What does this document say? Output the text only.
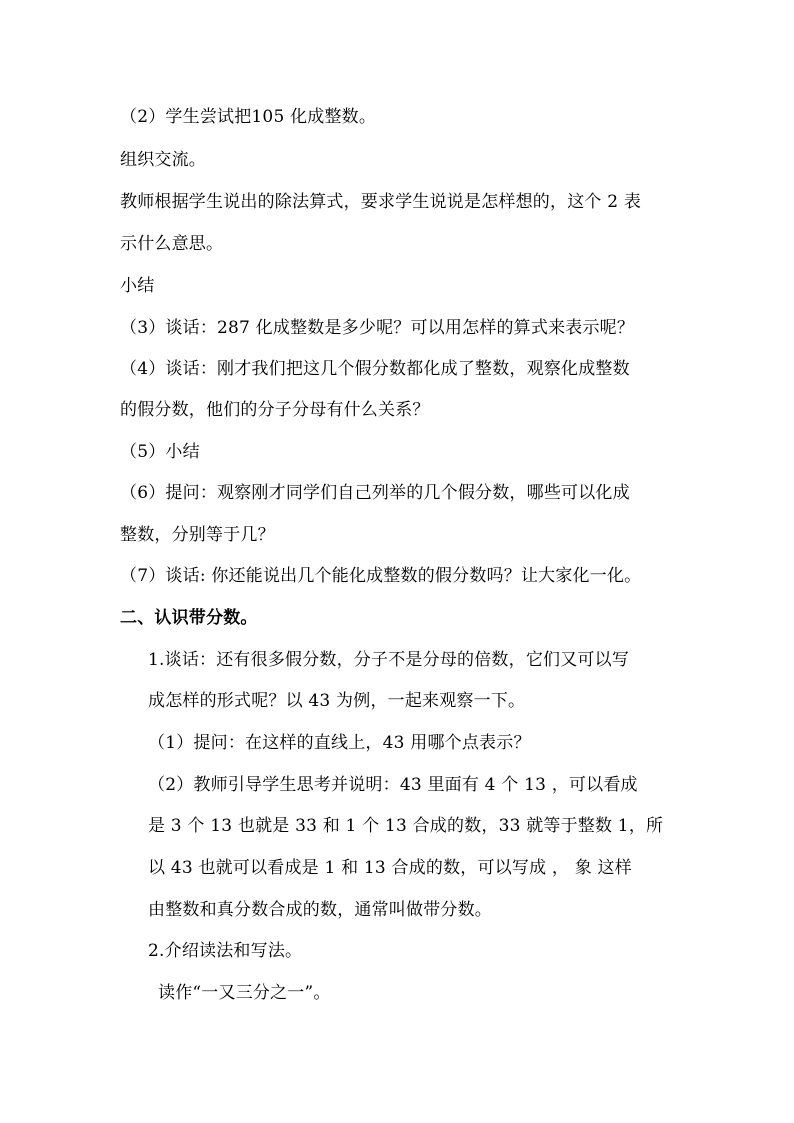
（2）学生尝试把105 化成整数。
组织交流。
教师根据学生说出的除法算式，要求学生说说是怎样想的，这个 2 表
示什么意思。
小结
（3）谈话：287 化成整数是多少呢？可以用怎样的算式来表示呢？
（4）谈话：刚才我们把这几个假分数都化成了整数，观察化成整数
的假分数，他们的分子分母有什么关系？
（5）小结
（6）提问：观察刚才同学们自己列举的几个假分数，哪些可以化成
整数，分别等于几？
（7）谈话: 你还能说出几个能化成整数的假分数吗？让大家化一化。
二、认识带分数。
1.谈话：还有很多假分数，分子不是分母的倍数，它们又可以写
成怎样的形式呢？以 43 为例，一起来观察一下。
（1）提问：在这样的直线上，43 用哪个点表示？
（2）教师引导学生思考并说明：43 里面有 4 个 13 ，可以看成
是 3 个 13 也就是 33 和 1 个 13 合成的数，33 就等于整数 1，所
以 43 也就可以看成是 1 和 13 合成的数，可以写成 ， 象 这样
由整数和真分数合成的数，通常叫做带分数。
2.介绍读法和写法。
读作“一又三分之一”。
